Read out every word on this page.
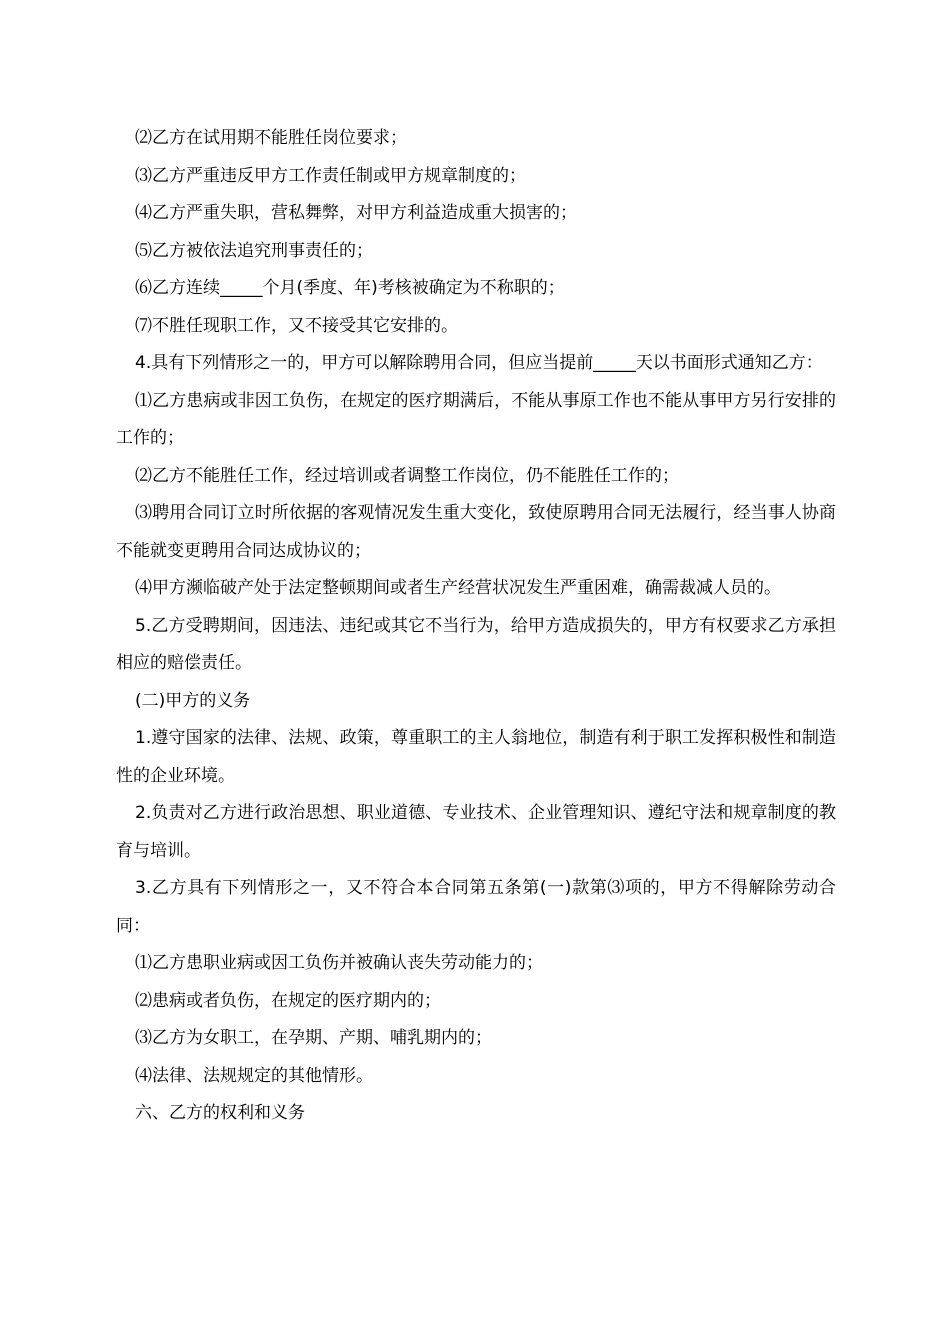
⑵乙方在试用期不能胜任岗位要求；

⑶乙方严重违反甲方工作责任制或甲方规章制度的；

⑷乙方严重失职，营私舞弊，对甲方利益造成重大损害的；

⑸乙方被依法追究刑事责任的；

⑹乙方连续_____个月(季度、年)考核被确定为不称职的；

⑺不胜任现职工作，又不接受其它安排的。

4.具有下列情形之一的，甲方可以解除聘用合同，但应当提前_____天以书面形式通知乙方：

⑴乙方患病或非因工负伤，在规定的医疗期满后，不能从事原工作也不能从事甲方另行安排的工作的；

⑵乙方不能胜任工作，经过培训或者调整工作岗位，仍不能胜任工作的；

⑶聘用合同订立时所依据的客观情况发生重大变化，致使原聘用合同无法履行，经当事人协商不能就变更聘用合同达成协议的；

⑷甲方濒临破产处于法定整顿期间或者生产经营状况发生严重困难，确需裁减人员的。

5.乙方受聘期间，因违法、违纪或其它不当行为，给甲方造成损失的，甲方有权要求乙方承担相应的赔偿责任。

(二)甲方的义务

1.遵守国家的法律、法规、政策，尊重职工的主人翁地位，制造有利于职工发挥积极性和制造性的企业环境。

2.负责对乙方进行政治思想、职业道德、专业技术、企业管理知识、遵纪守法和规章制度的教育与培训。

3.乙方具有下列情形之一，又不符合本合同第五条第(一)款第⑶项的，甲方不得解除劳动合同：

⑴乙方患职业病或因工负伤并被确认丧失劳动能力的；

⑵患病或者负伤，在规定的医疗期内的；

⑶乙方为女职工，在孕期、产期、哺乳期内的；

⑷法律、法规规定的其他情形。

六、乙方的权利和义务
